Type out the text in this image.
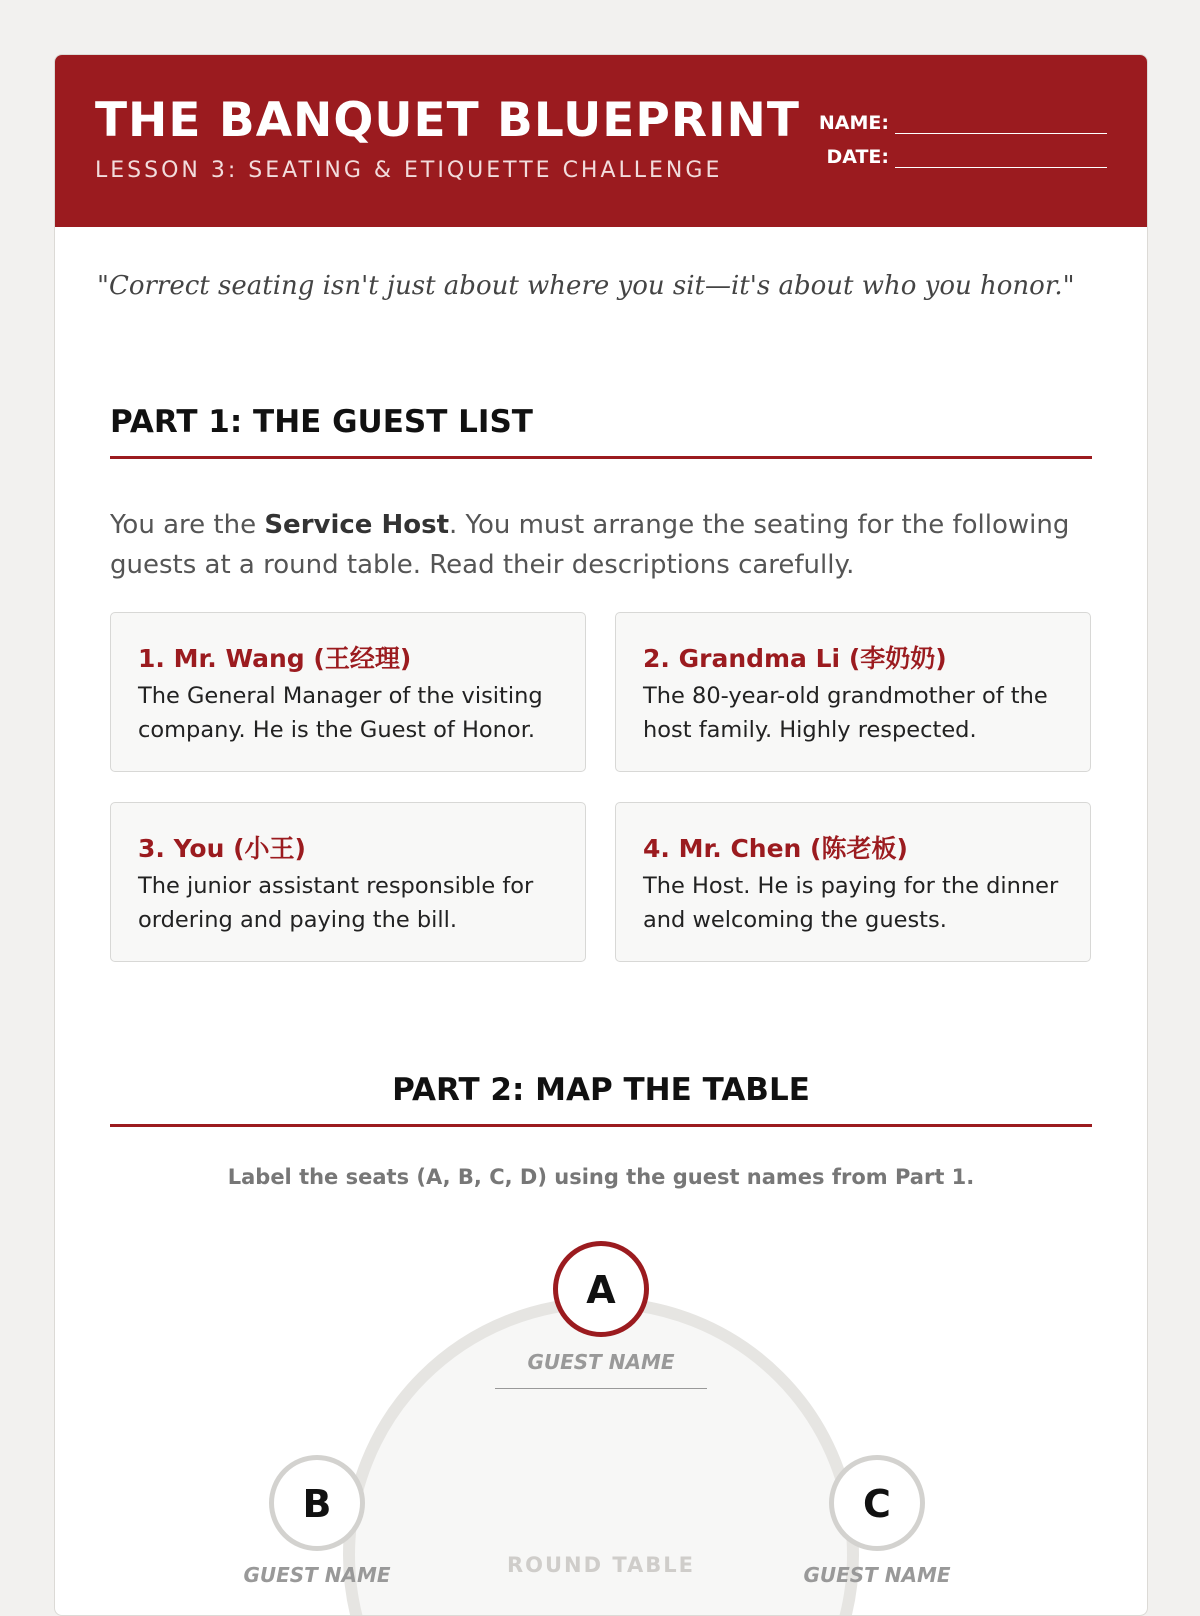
THE BANQUET BLUEPRINT
LESSON 3: SEATING & ETIQUETTE CHALLENGE
NAME:
DATE:
"Correct seating isn't just about where you sit—it's about who you honor."
PART 1: THE GUEST LIST
You are the Service Host. You must arrange the seating for the following guests at a round table. Read their descriptions carefully.
1. Mr. Wang (王经理)
The General Manager of the visiting company. He is the Guest of Honor.
2. Grandma Li (李奶奶)
The 80-year-old grandmother of the host family. Highly respected.
3. You (小王)
The junior assistant responsible for ordering and paying the bill.
4. Mr. Chen (陈老板)
The Host. He is paying for the dinner and welcoming the guests.
PART 2: MAP THE TABLE
Label the seats (A, B, C, D) using the guest names from Part 1.
A
GUEST NAME
B
GUEST NAME
C
GUEST NAME
ROUND TABLE
